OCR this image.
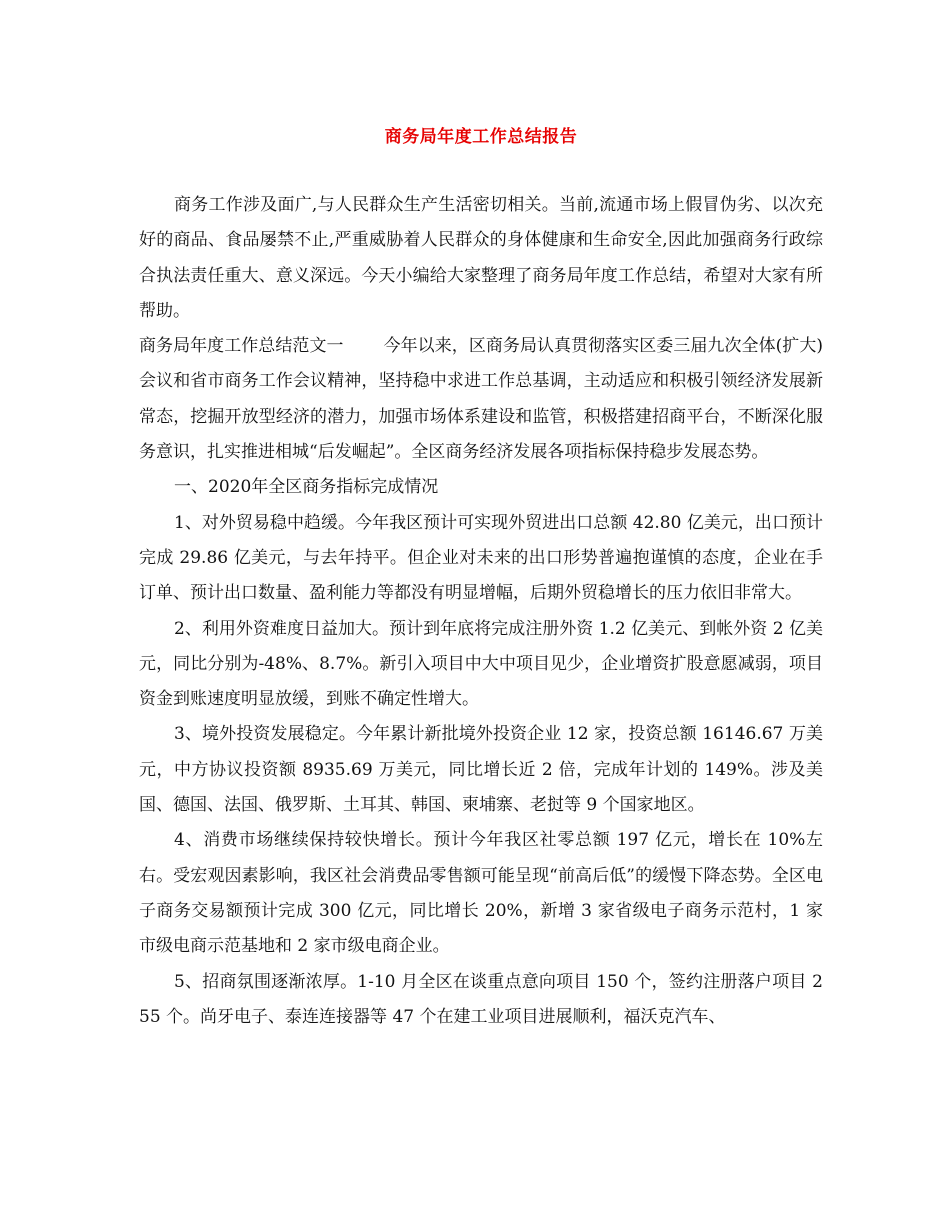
商务局年度工作总结报告

商务工作涉及面广,与人民群众生产生活密切相关。当前,流通市场上假冒伪劣、以次充好的商品、食品屡禁不止,严重威胁着人民群众的身体健康和生命安全,因此加强商务行政综合执法责任重大、意义深远。今天小编给大家整理了商务局年度工作总结，希望对大家有所帮助。

商务局年度工作总结范文一 今年以来，区商务局认真贯彻落实区委三届九次全体(扩大)会议和省市商务工作会议精神，坚持稳中求进工作总基调，主动适应和积极引领经济发展新常态，挖掘开放型经济的潜力，加强市场体系建设和监管，积极搭建招商平台，不断深化服务意识，扎实推进相城“后发崛起”。全区商务经济发展各项指标保持稳步发展态势。

一、2020年全区商务指标完成情况

1、对外贸易稳中趋缓。今年我区预计可实现外贸进出口总额 42.80 亿美元，出口预计完成 29.86 亿美元，与去年持平。但企业对未来的出口形势普遍抱谨慎的态度，企业在手订单、预计出口数量、盈利能力等都没有明显增幅，后期外贸稳增长的压力依旧非常大。

2、利用外资难度日益加大。预计到年底将完成注册外资 1.2 亿美元、到帐外资 2 亿美元，同比分别为-48%、8.7%。新引入项目中大中项目见少，企业增资扩股意愿减弱，项目资金到账速度明显放缓，到账不确定性增大。

3、境外投资发展稳定。今年累计新批境外投资企业 12 家，投资总额 16146.67 万美元，中方协议投资额 8935.69 万美元，同比增长近 2 倍，完成年计划的 149%。涉及美国、德国、法国、俄罗斯、土耳其、韩国、柬埔寨、老挝等 9 个国家地区。

4、消费市场继续保持较快增长。预计今年我区社零总额 197 亿元，增长在 10%左右。受宏观因素影响，我区社会消费品零售额可能呈现“前高后低”的缓慢下降态势。全区电子商务交易额预计完成 300 亿元，同比增长 20%，新增 3 家省级电子商务示范村，1 家市级电商示范基地和 2 家市级电商企业。

5、招商氛围逐渐浓厚。1-10 月全区在谈重点意向项目 150 个，签约注册落户项目 255 个。尚牙电子、泰连连接器等 47 个在建工业项目进展顺利，福沃克汽车、
